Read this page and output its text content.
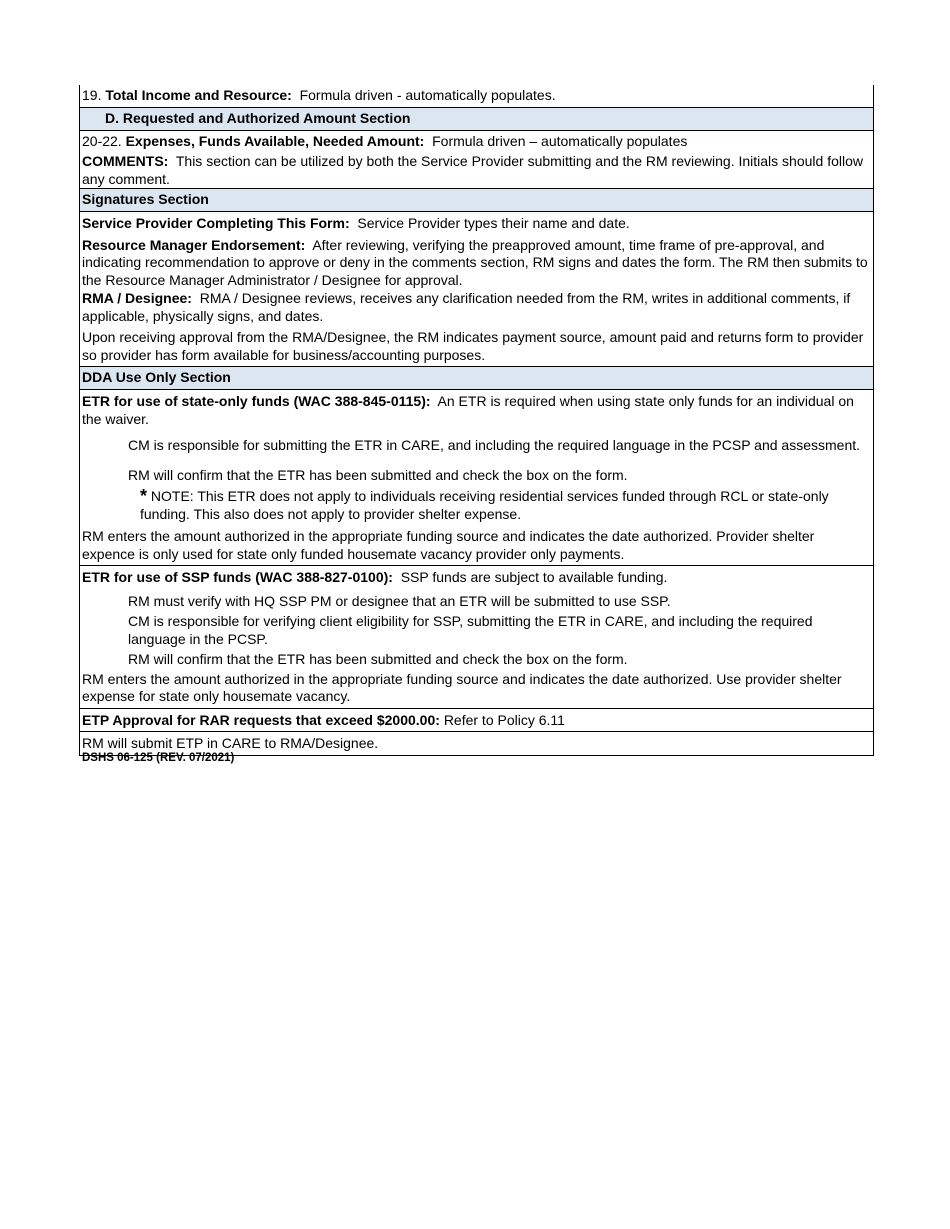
19. Total Income and Resource: Formula driven - automatically populates.

D. Requested and Authorized Amount Section

20-22. Expenses, Funds Available, Needed Amount: Formula driven – automatically populates

COMMENTS: This section can be utilized by both the Service Provider submitting and the RM reviewing. Initials should follow any comment.

Signatures Section

Service Provider Completing This Form: Service Provider types their name and date.

Resource Manager Endorsement: After reviewing, verifying the preapproved amount, time frame of pre-approval, and indicating recommendation to approve or deny in the comments section, RM signs and dates the form. The RM then submits to the Resource Manager Administrator / Designee for approval.

RMA / Designee: RMA / Designee reviews, receives any clarification needed from the RM, writes in additional comments, if applicable, physically signs, and dates.

Upon receiving approval from the RMA/Designee, the RM indicates payment source, amount paid and returns form to provider so provider has form available for business/accounting purposes.

DDA Use Only Section

ETR for use of state-only funds (WAC 388-845-0115): An ETR is required when using state only funds for an individual on the waiver.

CM is responsible for submitting the ETR in CARE, and including the required language in the PCSP and assessment.

RM will confirm that the ETR has been submitted and check the box on the form.

* NOTE: This ETR does not apply to individuals receiving residential services funded through RCL or state-only funding. This also does not apply to provider shelter expense.

RM enters the amount authorized in the appropriate funding source and indicates the date authorized. Provider shelter expence is only used for state only funded housemate vacancy provider only payments.

ETR for use of SSP funds (WAC 388-827-0100): SSP funds are subject to available funding.

RM must verify with HQ SSP PM or designee that an ETR will be submitted to use SSP.

CM is responsible for verifying client eligibility for SSP, submitting the ETR in CARE, and including the required language in the PCSP.

RM will confirm that the ETR has been submitted and check the box on the form.

RM enters the amount authorized in the appropriate funding source and indicates the date authorized. Use provider shelter expense for state only housemate vacancy.

ETP Approval for RAR requests that exceed $2000.00: Refer to Policy 6.11

RM will submit ETP in CARE to RMA/Designee.

DSHS 06-125 (REV. 07/2021)
